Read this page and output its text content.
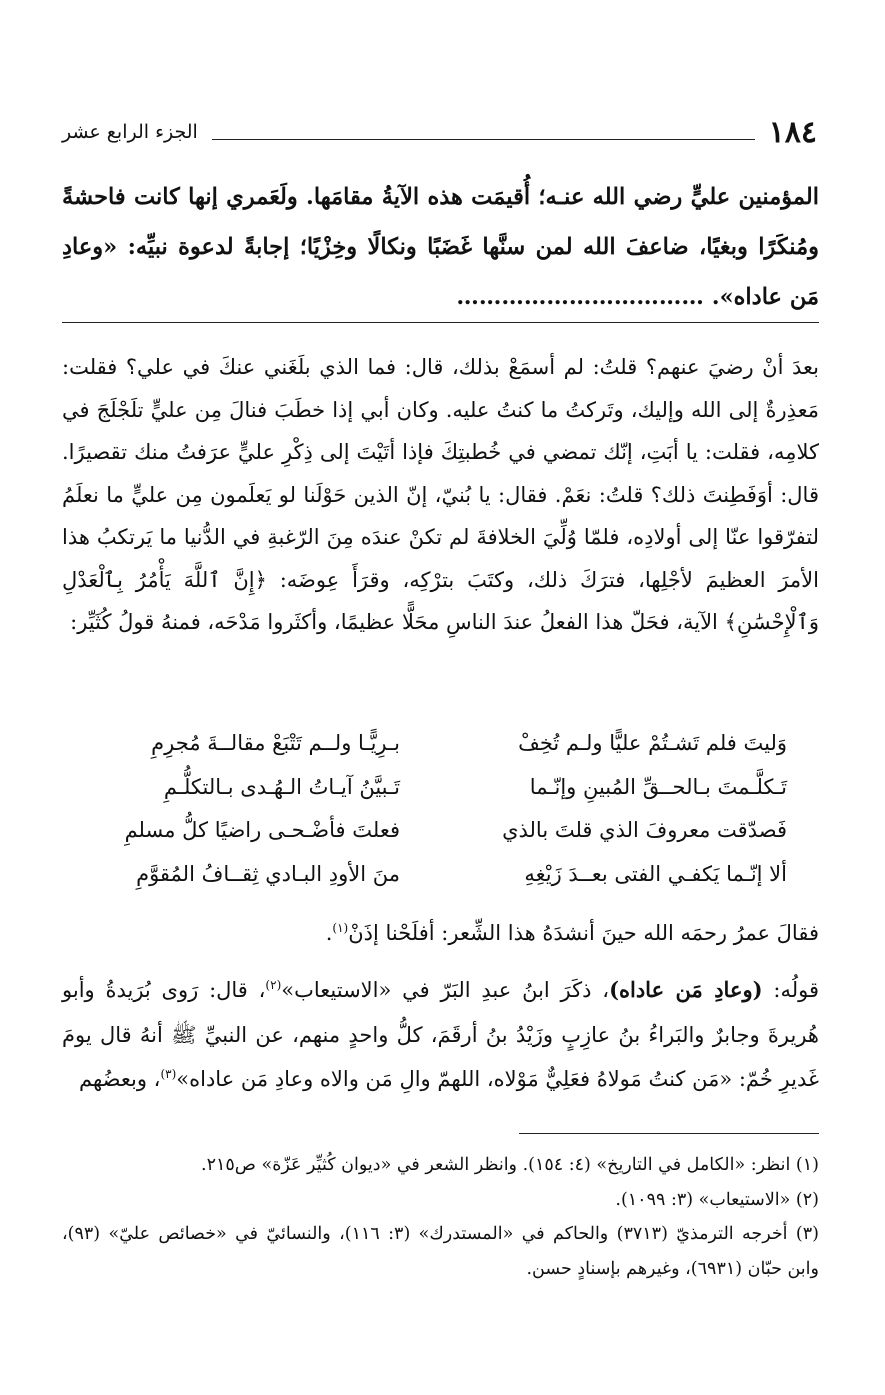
١٨٤
الجزء الرابع عشر

المؤمنين عليٍّ رضي الله عنـه؛ أُقيمَت هذه الآيةُ مقامَها. ولَعَمري إنها كانت فاحشةً ومُنكَرًا وبغيًا، ضاعفَ الله لمن سنَّها غَضَبًا ونكالًا وخِزْيًا؛ إجابةً لدعوة نبيِّه: «وعادِ مَن عاداه». ……………………………

بعدَ أنْ رضيَ عنهم؟ قلتُ: لم أسمَعْ بذلك، قال: فما الذي بلَغَني عنكَ في علي؟ فقلت: مَعذِرةٌ إلى الله وإليك، وتَركتُ ما كنتُ عليه. وكان أبي إذا خطَبَ فنالَ مِن عليٍّ تلَجْلَجَ في كلامِه، فقلت: يا أبَتِ، إنّك تمضي في خُطبتِكَ فإذا أتَيْتَ إلى ذِكْرِ عليٍّ عرَفتُ منك تقصيرًا. قال: أوَفَطِنتَ ذلك؟ قلتُ: نعَمْ. فقال: يا بُنيّ، إنّ الذين حَوْلَنا لو يَعلَمون مِن عليٍّ ما نعلَمُ لتفرّقوا عنّا إلى أولادِه، فلمّا وُلِّيَ الخلافةَ لم تكنْ عندَه مِنَ الرّغبةِ في الدُّنيا ما يَرتكبُ هذا الأمرَ العظيمَ لأجْلِها، فترَكَ ذلك، وكتَبَ بترْكِه، وقرَأَ عِوضَه: ﴿إِنَّ ٱللَّهَ يَأْمُرُ بِٱلْعَدْلِ وَٱلْإِحْسَٰنِ﴾ الآية، فحَلّ هذا الفعلُ عندَ الناسِ محَلًّا عظيمًا، وأكثَروا مَدْحَه، فمنهُ قولُ كُثَيِّر:

وَليتَ فلم تَشـتُمْ عليًّا ولـم تُخِفْ
بـرِيًّـا ولــم تَتْبَعْ مقالــةَ مُجرِمِ
تَـكلَّـمتَ بـالحــقِّ المُبينِ وإنّـما
تَـبيَّنُ آيـاتُ الـهُـدى بـالتكلُّـمِ
فَصدّقت معروفَ الذي قلتَ بالذي
فعلتَ فأضْـحـى راضيًا كلُّ مسلمِ
ألا إنّـما يَكفـي الفتى بعــدَ زَيْغِهِ
منَ الأودِ البـادي ثِقــافُ المُقوَّمِ

فقالَ عمرُ رحمَه الله حينَ أنشدَهُ هذا الشِّعر: أفلَحْنا إذَنْ$^{(١)}$.

قولُه: (وعادِ مَن عاداه)، ذكَرَ ابنُ عبدِ البَرّ في «الاستيعاب»$^{(٢)}$، قال: رَوى بُرَيدةُ وأبو هُريرةَ وجابرٌ والبَراءُ بنُ عازِبٍ وزَيْدُ بنُ أرقَمَ، كلُّ واحدٍ منهم، عن النبيِّ ﷺ أنهُ قال يومَ غَديرِ خُمّ: «مَن كنتُ مَولاهُ فعَلِيٌّ مَوْلاه، اللهمّ والِ مَن والاه وعادِ مَن عاداه»$^{(٣)}$، وبعضُهم

(١) انظر: «الكامل في التاريخ» (٤: ١٥٤). وانظر الشعر في «ديوان كُثيِّر عَزّة» ص٢١٥.

(٢) «الاستيعاب» (٣: ١٠٩٩).

(٣) أخرجه الترمذيّ (٣٧١٣) والحاكم في «المستدرك» (٣: ١١٦)، والنسائيّ في «خصائص عليّ» (٩٣)، وابن حبّان (٦٩٣١)، وغيرهم بإسنادٍ حسن.
